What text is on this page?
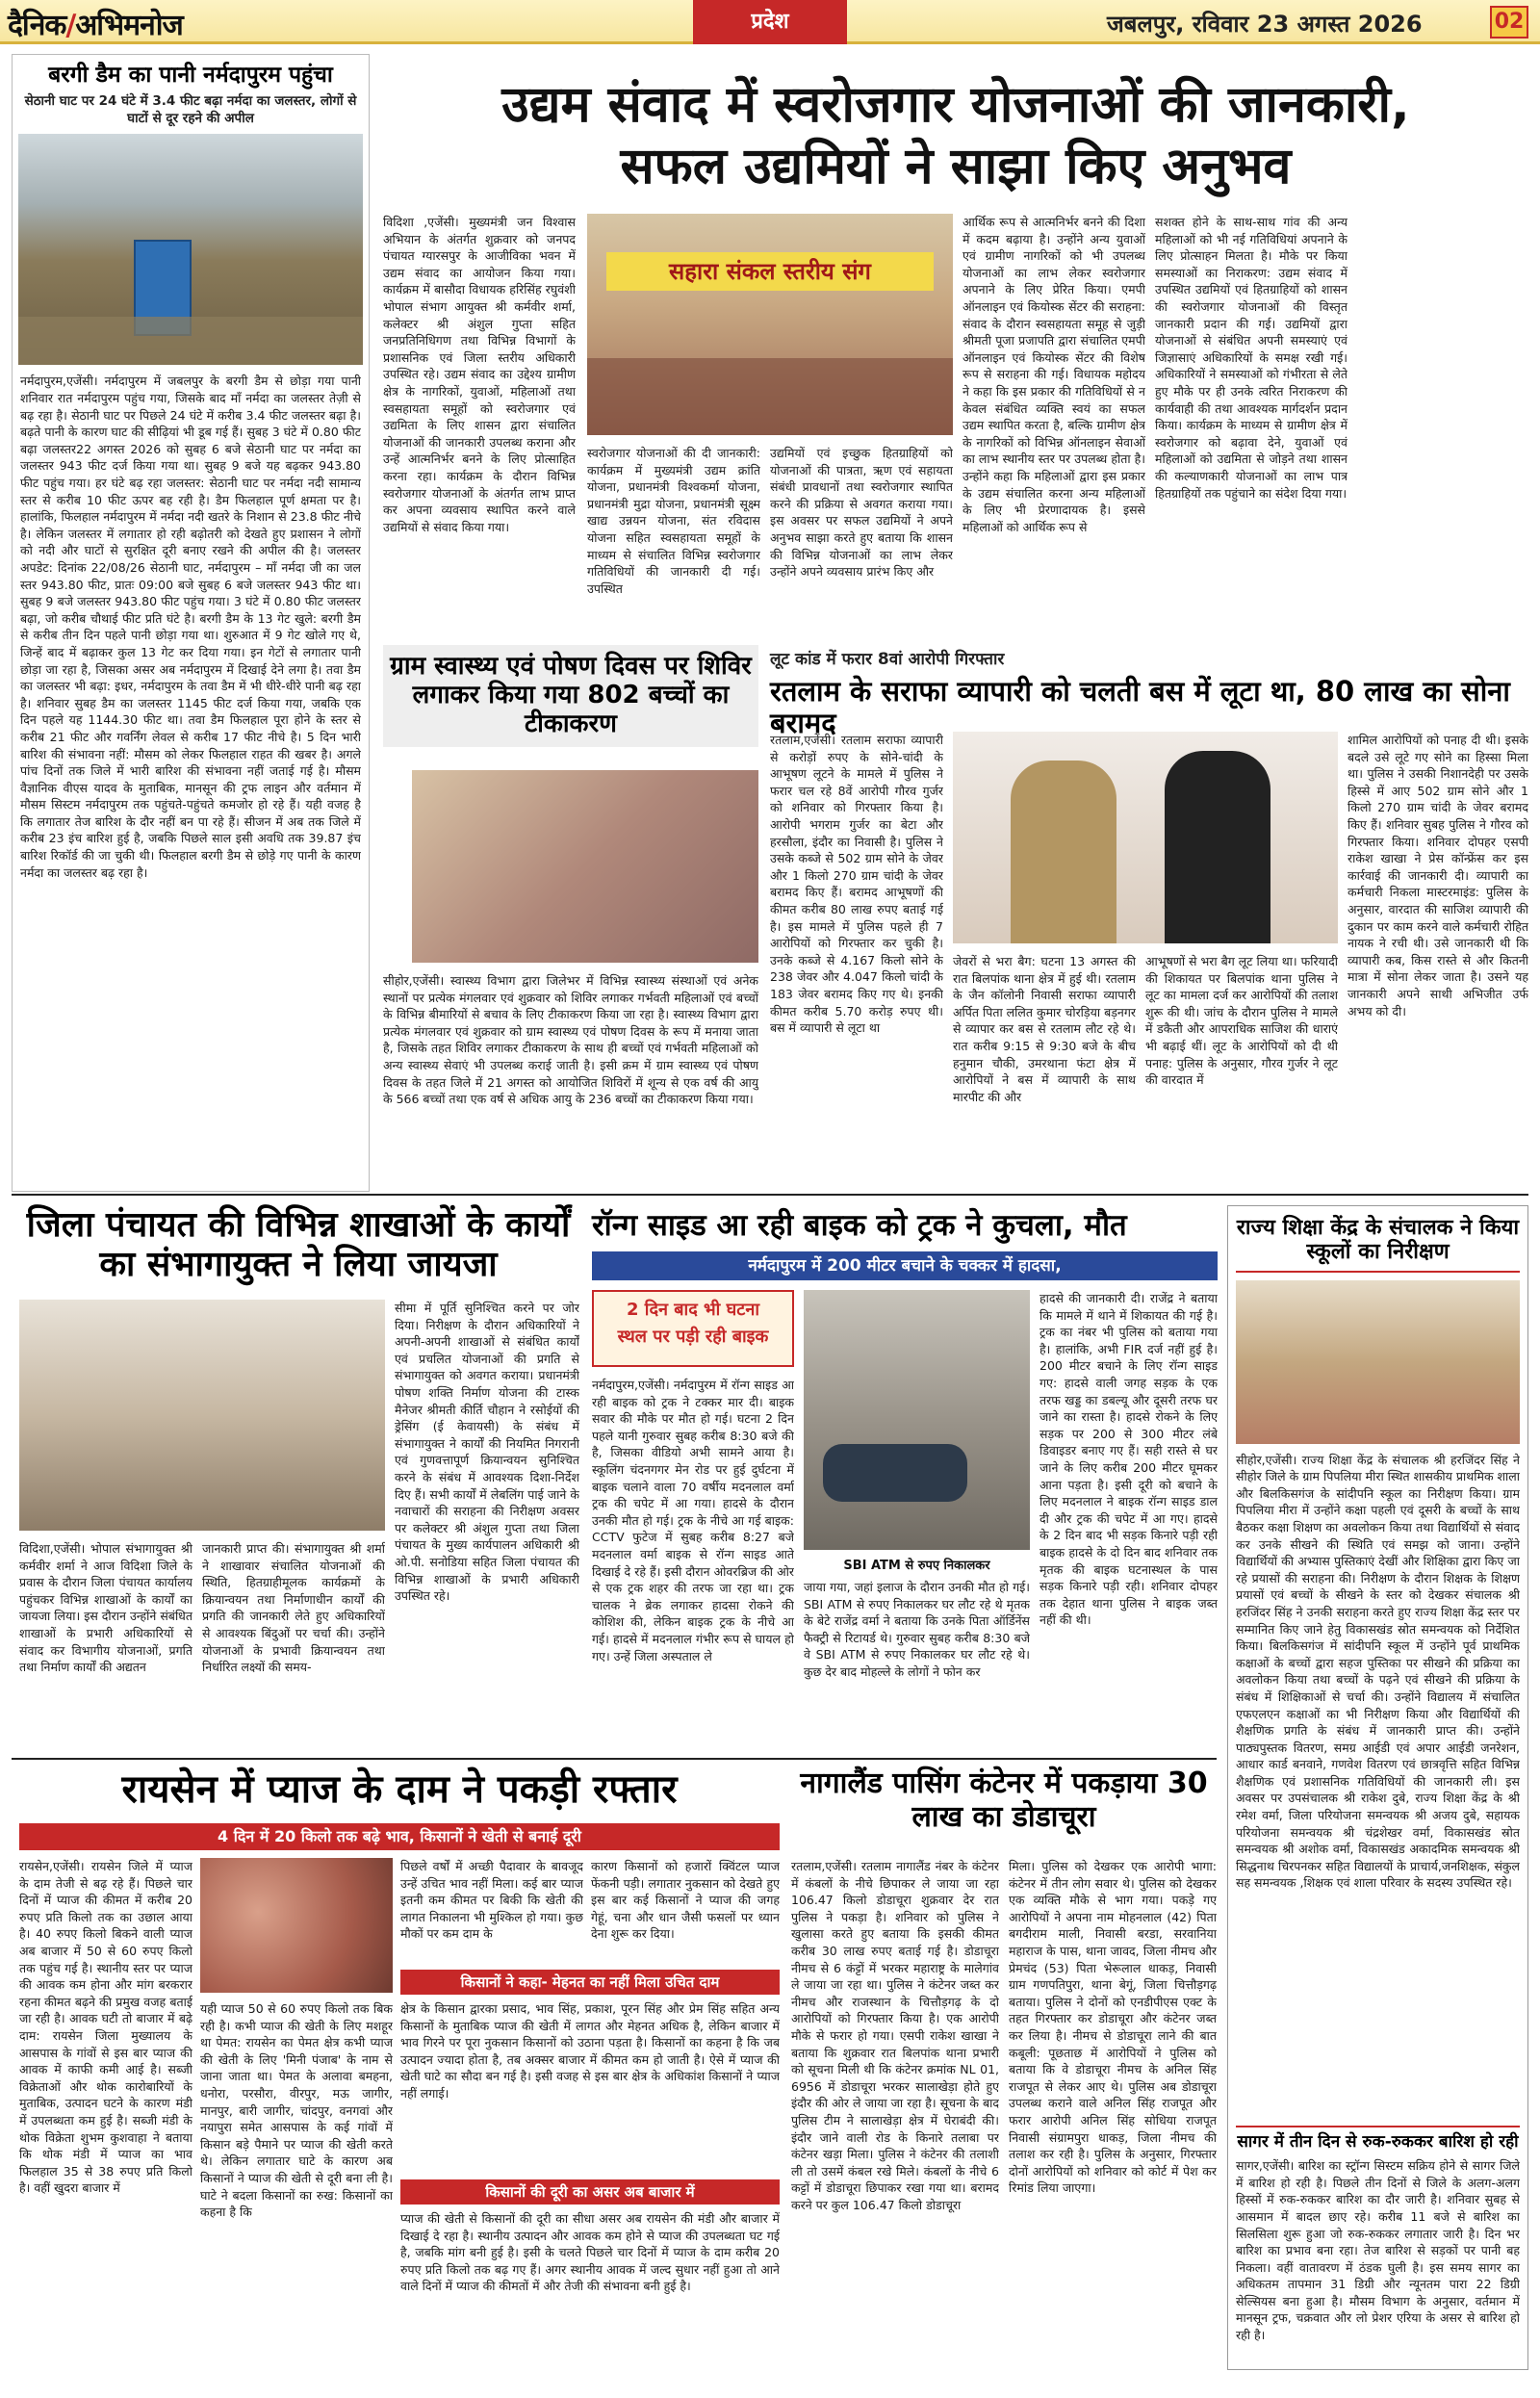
दैनिक/अभिमनोज	प्रदेश	जबलपुर, रविवार 23 अगस्त 2026	02
बरगी डैम का पानी नर्मदापुरम पहुंचा
सेठानी घाट पर 24 घंटे में 3.4 फीट बढ़ा नर्मदा का जलस्तर, लोगों से घाटों से दूर रहने की अपील
नर्मदापुरम,एजेंसी। नर्मदापुरम में जबलपुर के बरगी डैम से छोड़ा गया पानी शनिवार रात नर्मदापुरम पहुंच गया, जिसके बाद माँ नर्मदा का जलस्तर तेज़ी से बढ़ रहा है। सेठानी घाट पर पिछले 24 घंटे में करीब 3.4 फीट जलस्तर बढ़ा है। बढ़ते पानी के कारण घाट की सीढ़ियां भी डूब गई हैं। सुबह 3 घंटे में 0.80 फीट बढ़ा जलस्तर22 अगस्त 2026 को सुबह 6 बजे सेठानी घाट पर नर्मदा का जलस्तर 943 फीट दर्ज किया गया था। सुबह 9 बजे यह बढ़कर 943.80 फीट पहुंच गया। हर घंटे बढ़ रहा जलस्तर: सेठानी घाट पर नर्मदा नदी सामान्य स्तर से करीब 10 फीट ऊपर बह रही है। डैम फिलहाल पूर्ण क्षमता पर है। हालांकि, फिलहाल नर्मदापुरम में नर्मदा नदी खतरे के निशान से 23.8 फीट नीचे है। लेकिन जलस्तर में लगातार हो रही बढ़ोतरी को देखते हुए प्रशासन ने लोगों को नदी और घाटों से सुरक्षित दूरी बनाए रखने की अपील की है। जलस्तर अपडेट: दिनांक 22/08/26 सेठानी घाट, नर्मदापुरम – माँ नर्मदा जी का जल स्तर 943.80 फीट, प्रातः 09:00 बजे सुबह 6 बजे जलस्तर 943 फीट था। सुबह 9 बजे जलस्तर 943.80 फीट पहुंच गया। 3 घंटे में 0.80 फीट जलस्तर बढ़ा, जो करीब चौथाई फीट प्रति घंटे है। बरगी डैम के 13 गेट खुले: बरगी डैम से करीब तीन दिन पहले पानी छोड़ा गया था। शुरुआत में 9 गेट खोले गए थे, जिन्हें बाद में बढ़ाकर कुल 13 गेट कर दिया गया। इन गेटों से लगातार पानी छोड़ा जा रहा है, जिसका असर अब नर्मदापुरम में दिखाई देने लगा है। तवा डैम का जलस्तर भी बढ़ा: इधर, नर्मदापुरम के तवा डैम में भी धीरे-धीरे पानी बढ़ रहा है। शनिवार सुबह डैम का जलस्तर 1145 फीट दर्ज किया गया, जबकि एक दिन पहले यह 1144.30 फीट था। तवा डैम फिलहाल पूरा होने के स्तर से करीब 21 फीट और गवर्निंग लेवल से करीब 17 फीट नीचे है। 5 दिन भारी बारिश की संभावना नहीं: मौसम को लेकर फिलहाल राहत की खबर है। अगले पांच दिनों तक जिले में भारी बारिश की संभावना नहीं जताई गई है। मौसम वैज्ञानिक वीएस यादव के मुताबिक, मानसून की ट्रफ लाइन और वर्तमान में मौसम सिस्टम नर्मदापुरम तक पहुंचते-पहुंचते कमजोर हो रहे हैं। यही वजह है कि लगातार तेज बारिश के दौर नहीं बन पा रहे हैं। सीजन में अब तक जिले में करीब 23 इंच बारिश हुई है, जबकि पिछले साल इसी अवधि तक 39.87 इंच बारिश रिकॉर्ड की जा चुकी थी। फिलहाल बरगी डैम से छोड़े गए पानी के कारण नर्मदा का जलस्तर बढ़ रहा है।
उद्यम संवाद में स्वरोजगार योजनाओं की जानकारी,
सफल उद्यमियों ने साझा किए अनुभव
विदिशा ,एजेंसी। मुख्यमंत्री जन विश्वास अभियान के अंतर्गत शुक्रवार को जनपद पंचायत ग्यारसपुर के आजीविका भवन में उद्यम संवाद का आयोजन किया गया। कार्यक्रम में बासौदा विधायक हरिसिंह रघुवंशी भोपाल संभाग आयुक्त श्री कर्मवीर शर्मा, कलेक्टर श्री अंशुल गुप्ता सहित जनप्रतिनिधिगण तथा विभिन्न विभागों के प्रशासनिक एवं जिला स्तरीय अधिकारी उपस्थित रहे। उद्यम संवाद का उद्देश्य ग्रामीण क्षेत्र के नागरिकों, युवाओं, महिलाओं तथा स्वसहायता समूहों को स्वरोजगार एवं उद्यमिता के लिए शासन द्वारा संचालित योजनाओं की जानकारी उपलब्ध कराना और उन्हें आत्मनिर्भर बनने के लिए प्रोत्साहित करना रहा। कार्यक्रम के दौरान विभिन्न स्वरोजगार योजनाओं के अंतर्गत लाभ प्राप्त कर अपना व्यवसाय स्थापित करने वाले उद्यमियों से संवाद किया गया।
सहारा संकल स्तरीय संग
स्वरोजगार योजनाओं की दी जानकारी: कार्यक्रम में मुख्यमंत्री उद्यम क्रांति योजना, प्रधानमंत्री विश्वकर्मा योजना, प्रधानमंत्री मुद्रा योजना, प्रधानमंत्री सूक्ष्म खाद्य उन्नयन योजना, संत रविदास योजना सहित स्वसहायता समूहों के माध्यम से संचालित विभिन्न स्वरोजगार गतिविधियों की जानकारी दी गई। उपस्थित
उद्यमियों एवं इच्छुक हितग्राहियों को योजनाओं की पात्रता, ऋण एवं सहायता संबंधी प्रावधानों तथा स्वरोजगार स्थापित करने की प्रक्रिया से अवगत कराया गया। इस अवसर पर सफल उद्यमियों ने अपने अनुभव साझा करते हुए बताया कि शासन की विभिन्न योजनाओं का लाभ लेकर उन्होंने अपने व्यवसाय प्रारंभ किए और
आर्थिक रूप से आत्मनिर्भर बनने की दिशा में कदम बढ़ाया है। उन्होंने अन्य युवाओं एवं ग्रामीण नागरिकों को भी उपलब्ध योजनाओं का लाभ लेकर स्वरोजगार अपनाने के लिए प्रेरित किया। एमपी ऑनलाइन एवं कियोस्क सेंटर की सराहना: संवाद के दौरान स्वसहायता समूह से जुड़ी श्रीमती पूजा प्रजापति द्वारा संचालित एमपी ऑनलाइन एवं कियोस्क सेंटर की विशेष रूप से सराहना की गई। विधायक महोदय ने कहा कि इस प्रकार की गतिविधियों से न केवल संबंधित व्यक्ति स्वयं का सफल उद्यम स्थापित करता है, बल्कि ग्रामीण क्षेत्र के नागरिकों को विभिन्न ऑनलाइन सेवाओं का लाभ स्थानीय स्तर पर उपलब्ध होता है। उन्होंने कहा कि महिलाओं द्वारा इस प्रकार के उद्यम संचालित करना अन्य महिलाओं के लिए भी प्रेरणादायक है। इससे महिलाओं को आर्थिक रूप से
सशक्त होने के साथ-साथ गांव की अन्य महिलाओं को भी नई गतिविधियां अपनाने के लिए प्रोत्साहन मिलता है। मौके पर किया समस्याओं का निराकरण: उद्यम संवाद में उपस्थित उद्यमियों एवं हितग्राहियों को शासन की स्वरोजगार योजनाओं की विस्तृत जानकारी प्रदान की गई। उद्यमियों द्वारा योजनाओं से संबंधित अपनी समस्याएं एवं जिज्ञासाएं अधिकारियों के समक्ष रखी गई। अधिकारियों ने समस्याओं को गंभीरता से लेते हुए मौके पर ही उनके त्वरित निराकरण की कार्यवाही की तथा आवश्यक मार्गदर्शन प्रदान किया। कार्यक्रम के माध्यम से ग्रामीण क्षेत्र में स्वरोजगार को बढ़ावा देने, युवाओं एवं महिलाओं को उद्यमिता से जोड़ने तथा शासन की कल्याणकारी योजनाओं का लाभ पात्र हितग्राहियों तक पहुंचाने का संदेश दिया गया।
ग्राम स्वास्थ्य एवं पोषण दिवस पर शिविर लगाकर किया गया 802 बच्चों का टीकाकरण
सीहोर,एजेंसी। स्वास्थ्य विभाग द्वारा जिलेभर में विभिन्न स्वास्थ्य संस्थाओं एवं अनेक स्थानों पर प्रत्येक मंगलवार एवं शुक्रवार को शिविर लगाकर गर्भवती महिलाओं एवं बच्चों के विभिन्न बीमारियों से बचाव के लिए टीकाकरण किया जा रहा है। स्वास्थ्य विभाग द्वारा प्रत्येक मंगलवार एवं शुक्रवार को ग्राम स्वास्थ्य एवं पोषण दिवस के रूप में मनाया जाता है, जिसके तहत शिविर लगाकर टीकाकरण के साथ ही बच्चों एवं गर्भवती महिलाओं को अन्य स्वास्थ्य सेवाएं भी उपलब्ध कराई जाती है। इसी क्रम में ग्राम स्वास्थ्य एवं पोषण दिवस के तहत जिले में 21 अगस्त को आयोजित शिविरों में शून्य से एक वर्ष की आयु के 566 बच्चों तथा एक वर्ष से अधिक आयु के 236 बच्चों का टीकाकरण किया गया।
लूट कांड में फरार 8वां आरोपी गिरफ्तार
रतलाम के सराफा व्यापारी को चलती बस में लूटा था, 80 लाख का सोना बरामद
रतलाम,एजेंसी। रतलाम सराफा व्यापारी से करोड़ों रुपए के सोने-चांदी के आभूषण लूटने के मामले में पुलिस ने फरार चल रहे 8वें आरोपी गौरव गुर्जर को शनिवार को गिरफ्तार किया है। आरोपी भगराम गुर्जर का बेटा और हरसौला, इंदौर का निवासी है। पुलिस ने उसके कब्जे से 502 ग्राम सोने के जेवर और 1 किलो 270 ग्राम चांदी के जेवर बरामद किए हैं। बरामद आभूषणों की कीमत करीब 80 लाख रुपए बताई गई है। इस मामले में पुलिस पहले ही 7 आरोपियों को गिरफ्तार कर चुकी है। उनके कब्जे से 4.167 किलो सोने के 238 जेवर और 4.047 किलो चांदी के 183 जेवर बरामद किए गए थे। इनकी कीमत करीब 5.70 करोड़ रुपए थी। बस में व्यापारी से लूटा था
जेवरों से भरा बैग: घटना 13 अगस्त की रात बिलपांक थाना क्षेत्र में हुई थी। रतलाम के जैन कॉलोनी निवासी सराफा व्यापारी अर्पित पिता ललित कुमार चोरड़िया बड़नगर से व्यापार कर बस से रतलाम लौट रहे थे। रात करीब 9:15 से 9:30 बजे के बीच हनुमान चौकी, उमरथाना फंटा क्षेत्र में आरोपियों ने बस में व्यापारी के साथ मारपीट की और
आभूषणों से भरा बैग लूट लिया था। फरियादी की शिकायत पर बिलपांक थाना पुलिस ने लूट का मामला दर्ज कर आरोपियों की तलाश शुरू की थी। जांच के दौरान पुलिस ने मामले में डकैती और आपराधिक साजिश की धाराएं भी बढ़ाई थीं। लूट के आरोपियों को दी थी पनाह: पुलिस के अनुसार, गौरव गुर्जर ने लूट की वारदात में
शामिल आरोपियों को पनाह दी थी। इसके बदले उसे लूटे गए सोने का हिस्सा मिला था। पुलिस ने उसकी निशानदेही पर उसके हिस्से में आए 502 ग्राम सोने और 1 किलो 270 ग्राम चांदी के जेवर बरामद किए हैं। शनिवार सुबह पुलिस ने गौरव को गिरफ्तार किया। शनिवार दोपहर एसपी राकेश खाखा ने प्रेस कॉन्फ्रेंस कर इस कार्रवाई की जानकारी दी। व्यापारी का कर्मचारी निकला मास्टरमाइंड: पुलिस के अनुसार, वारदात की साजिश व्यापारी की दुकान पर काम करने वाले कर्मचारी रोहित नायक ने रची थी। उसे जानकारी थी कि व्यापारी कब, किस रास्ते से और कितनी मात्रा में सोना लेकर जाता है। उसने यह जानकारी अपने साथी अभिजीत उर्फ अभय को दी।
जिला पंचायत की विभिन्न शाखाओं के कार्यों का संभागायुक्त ने लिया जायजा
विदिशा,एजेंसी। भोपाल संभागायुक्त श्री कर्मवीर शर्मा ने आज विदिशा जिले के प्रवास के दौरान जिला पंचायत कार्यालय पहुंचकर विभिन्न शाखाओं के कार्यों का जायजा लिया। इस दौरान उन्होंने संबंधित शाखाओं के प्रभारी अधिकारियों से संवाद कर विभागीय योजनाओं, प्रगति तथा निर्माण कार्यों की अद्यतन
जानकारी प्राप्त की। संभागायुक्त श्री शर्मा ने शाखावार संचालित योजनाओं की स्थिति, हितग्राहीमूलक कार्यक्रमों के क्रियान्वयन तथा निर्माणाधीन कार्यों की प्रगति की जानकारी लेते हुए अधिकारियों से आवश्यक बिंदुओं पर चर्चा की। उन्होंने योजनाओं के प्रभावी क्रियान्वयन तथा निर्धारित लक्ष्यों की समय-
सीमा में पूर्ति सुनिश्चित करने पर जोर दिया। निरीक्षण के दौरान अधिकारियों ने अपनी-अपनी शाखाओं से संबंधित कार्यों एवं प्रचलित योजनाओं की प्रगति से संभागायुक्त को अवगत कराया। प्रधानमंत्री पोषण शक्ति निर्माण योजना की टास्क मैनेजर श्रीमती कीर्ति चौहान ने रसोईयों की ड्रेसिंग (ई केवायसी) के संबंध में संभागायुक्त ने कार्यों की नियमित निगरानी एवं गुणवत्तापूर्ण क्रियान्वयन सुनिश्चित करने के संबंध में आवश्यक दिशा-निर्देश दिए हैं। सभी कार्यों में लेबलिंग पाई जाने के नवाचारों की सराहना की निरीक्षण अवसर पर कलेक्टर श्री अंशुल गुप्ता तथा जिला पंचायत के मुख्य कार्यपालन अधिकारी श्री ओ.पी. सनोडिया सहित जिला पंचायत की विभिन्न शाखाओं के प्रभारी अधिकारी उपस्थित रहे।
रॉन्ग साइड आ रही बाइक को ट्रक ने कुचला, मौत
नर्मदापुरम में 200 मीटर बचाने के चक्कर में हादसा,
2 दिन बाद भी घटना
स्थल पर पड़ी रही बाइक
नर्मदापुरम,एजेंसी। नर्मदापुरम में रॉन्ग साइड आ रही बाइक को ट्रक ने टक्कर मार दी। बाइक सवार की मौके पर मौत हो गई। घटना 2 दिन पहले यानी गुरुवार सुबह करीब 8:30 बजे की है, जिसका वीडियो अभी सामने आया है। स्कूलिंग चंदनगगर मेन रोड पर हुई दुर्घटना में बाइक चलाने वाला 70 वर्षीय मदनलाल वर्मा ट्रक की चपेट में आ गया। हादसे के दौरान उनकी मौत हो गई। ट्रक के नीचे आ गई बाइक: CCTV फुटेज में सुबह करीब 8:27 बजे मदनलाल वर्मा बाइक से रॉन्ग साइड आते दिखाई दे रहे हैं। इसी दौरान ओवरब्रिज की ओर से एक ट्रक शहर की तरफ जा रहा था। ट्रक चालक ने ब्रेक लगाकर हादसा रोकने की कोशिश की, लेकिन बाइक ट्रक के नीचे आ गई। हादसे में मदनलाल गंभीर रूप से घायल हो गए। उन्हें जिला अस्पताल ले
SBI ATM से रुपए निकालकर
जाया गया, जहां इलाज के दौरान उनकी मौत हो गई। SBI ATM से रुपए निकालकर घर लौट रहे थे मृतक के बेटे राजेंद्र वर्मा ने बताया कि उनके पिता ऑर्डिनेंस फैक्ट्री से रिटायर्ड थे। गुरुवार सुबह करीब 8:30 बजे वे SBI ATM से रुपए निकालकर घर लौट रहे थे। कुछ देर बाद मोहल्ले के लोगों ने फोन कर
हादसे की जानकारी दी। राजेंद्र ने बताया कि मामले में थाने में शिकायत की गई है। ट्रक का नंबर भी पुलिस को बताया गया है। हालांकि, अभी FIR दर्ज नहीं हुई है। 200 मीटर बचाने के लिए रॉन्ग साइड गए: हादसे वाली जगह सड़क के एक तरफ खड्ड का डबल्यू और दूसरी तरफ घर जाने का रास्ता है। हादसे रोकने के लिए सड़क पर 200 से 300 मीटर लंबे डिवाइडर बनाए गए हैं। सही रास्ते से घर जाने के लिए करीब 200 मीटर घूमकर आना पड़ता है। इसी दूरी को बचाने के लिए मदनलाल ने बाइक रॉन्ग साइड डाल दी और ट्रक की चपेट में आ गए। हादसे के 2 दिन बाद भी सड़क किनारे पड़ी रही बाइक हादसे के दो दिन बाद शनिवार तक मृतक की बाइक घटनास्थल के पास सड़क किनारे पड़ी रही। शनिवार दोपहर तक देहात थाना पुलिस ने बाइक जब्त नहीं की थी।
राज्य शिक्षा केंद्र के संचालक ने किया स्कूलों का निरीक्षण
सीहोर,एजेंसी। राज्य शिक्षा केंद्र के संचालक श्री हरजिंदर सिंह ने सीहोर जिले के ग्राम पिपलिया मीरा स्थित शासकीय प्राथमिक शाला और बिलकिसगंज के सांदीपनि स्कूल का निरीक्षण किया। ग्राम पिपलिया मीरा में उन्होंने कक्षा पहली एवं दूसरी के बच्चों के साथ बैठकर कक्षा शिक्षण का अवलोकन किया तथा विद्यार्थियों से संवाद कर उनके सीखने की स्थिति एवं समझ को जाना। उन्होंने विद्यार्थियों की अभ्यास पुस्तिकाएं देखीं और शिक्षिका द्वारा किए जा रहे प्रयासों की सराहना की। निरीक्षण के दौरान शिक्षक के शिक्षण प्रयासों एवं बच्चों के सीखने के स्तर को देखकर संचालक श्री हरजिंदर सिंह ने उनकी सराहना करते हुए राज्य शिक्षा केंद्र स्तर पर सम्मानित किए जाने हेतु विकासखंड स्रोत समन्वयक को निर्देशित किया। बिलकिसगंज में सांदीपनि स्कूल में उन्होंने पूर्व प्राथमिक कक्षाओं के बच्चों द्वारा सहज पुस्तिका पर सीखने की प्रक्रिया का अवलोकन किया तथा बच्चों के पढ़ने एवं सीखने की प्रक्रिया के संबंध में शिक्षिकाओं से चर्चा की। उन्होंने विद्यालय में संचालित एफएलएन कक्षाओं का भी निरीक्षण किया और विद्यार्थियों की शैक्षणिक प्रगति के संबंध में जानकारी प्राप्त की। उन्होंने पाठ्यपुस्तक वितरण, समग्र आईडी एवं अपार आईडी जनरेशन, आधार कार्ड बनवाने, गणवेश वितरण एवं छात्रवृत्ति सहित विभिन्न शैक्षणिक एवं प्रशासनिक गतिविधियों की जानकारी ली। इस अवसर पर उपसंचालक श्री राकेश दुबे, राज्य शिक्षा केंद्र के श्री रमेश वर्मा, जिला परियोजना समन्वयक श्री अजय दुबे, सहायक परियोजना समन्वयक श्री चंद्रशेखर वर्मा, विकासखंड स्रोत समन्वयक श्री अशोक वर्मा, विकासखंड अकादमिक समन्वयक श्री सिद्धनाथ चिरपनकर सहित विद्यालयों के प्राचार्य,जनशिक्षक, संकुल सह समन्वयक ,शिक्षक एवं शाला परिवार के सदस्य उपस्थित रहे।
सागर में तीन दिन से रुक-रुककर बारिश हो रही
सागर,एजेंसी। बारिश का स्ट्रॉन्ग सिस्टम सक्रिय होने से सागर जिले में बारिश हो रही है। पिछले तीन दिनों से जिले के अलग-अलग हिस्सों में रुक-रुककर बारिश का दौर जारी है। शनिवार सुबह से आसमान में बादल छाए रहे। करीब 11 बजे से बारिश का सिलसिला शुरू हुआ जो रुक-रुककर लगातार जारी है। दिन भर बारिश का प्रभाव बना रहा। तेज बारिश से सड़कों पर पानी बह निकला। वहीं वातावरण में ठंडक घुली है। इस समय सागर का अधिकतम तापमान 31 डिग्री और न्यूनतम पारा 22 डिग्री सेल्सियस बना हुआ है। मौसम विभाग के अनुसार, वर्तमान में मानसून ट्रफ, चक्रवात और लो प्रेशर एरिया के असर से बारिश हो रही है।
रायसेन में प्याज के दाम ने पकड़ी रफ्तार
4 दिन में 20 किलो तक बढ़े भाव, किसानों ने खेती से बनाई दूरी
रायसेन,एजेंसी। रायसेन जिले में प्याज के दाम तेजी से बढ़ रहे हैं। पिछले चार दिनों में प्याज की कीमत में करीब 20 रुपए प्रति किलो तक का उछाल आया है। 40 रुपए किलो बिकने वाली प्याज अब बाजार में 50 से 60 रुपए किलो तक पहुंच गई है। स्थानीय स्तर पर प्याज की आवक कम होना और मांग बरकरार रहना कीमत बढ़ने की प्रमुख वजह बताई जा रही है। आवक घटी तो बाजार में बढ़े दाम: रायसेन जिला मुख्यालय के आसपास के गांवों से इस बार प्याज की आवक में काफी कमी आई है। सब्जी विक्रेताओं और थोक कारोबारियों के मुताबिक, उत्पादन घटने के कारण मंडी में उपलब्धता कम हुई है। सब्जी मंडी के थोक विक्रेता शुभम कुशवाहा ने बताया कि थोक मंडी में प्याज का भाव फिलहाल 35 से 38 रुपए प्रति किलो है। वहीं खुदरा बाजार में
यही प्याज 50 से 60 रुपए किलो तक बिक रही है। कभी प्याज की खेती के लिए मशहूर था पेमत: रायसेन का पेमत क्षेत्र कभी प्याज की खेती के लिए 'मिनी पंजाब' के नाम से जाना जाता था। पेमत के अलावा बमहना, धनोरा, परसौरा, वीरपुर, मऊ जागीर, मानपुर, बारी जागीर, चांदपुर, वनगवां और नयापुरा समेत आसपास के कई गांवों में किसान बड़े पैमाने पर प्याज की खेती करते थे। लेकिन लगातार घाटे के कारण अब किसानों ने प्याज की खेती से दूरी बना ली है। घाटे ने बदला किसानों का रुख: किसानों का कहना है कि
पिछले वर्षों में अच्छी पैदावार के बावजूद उन्हें उचित भाव नहीं मिला। कई बार प्याज इतनी कम कीमत पर बिकी कि खेती की लागत निकालना भी मुश्किल हो गया। कुछ मौकों पर कम दाम के
कारण किसानों को हजारों क्विंटल प्याज फेंकनी पड़ी। लगातार नुकसान को देखते हुए इस बार कई किसानों ने प्याज की जगह गेहूं, चना और धान जैसी फसलों पर ध्यान देना शुरू कर दिया।
किसानों ने कहा- मेहनत का नहीं मिला उचित दाम
क्षेत्र के किसान द्वारका प्रसाद, भाव सिंह, प्रकाश, पूरन सिंह और प्रेम सिंह सहित अन्य किसानों के मुताबिक प्याज की खेती में लागत और मेहनत अधिक है, लेकिन बाजार में भाव गिरने पर पूरा नुकसान किसानों को उठाना पड़ता है। किसानों का कहना है कि जब उत्पादन ज्यादा होता है, तब अक्सर बाजार में कीमत कम हो जाती है। ऐसे में प्याज की खेती घाटे का सौदा बन गई है। इसी वजह से इस बार क्षेत्र के अधिकांश किसानों ने प्याज नहीं लगाई।
किसानों की दूरी का असर अब बाजार में
प्याज की खेती से किसानों की दूरी का सीधा असर अब रायसेन की मंडी और बाजार में दिखाई दे रहा है। स्थानीय उत्पादन और आवक कम होने से प्याज की उपलब्धता घट गई है, जबकि मांग बनी हुई है। इसी के चलते पिछले चार दिनों में प्याज के दाम करीब 20 रुपए प्रति किलो तक बढ़ गए हैं। अगर स्थानीय आवक में जल्द सुधार नहीं हुआ तो आने वाले दिनों में प्याज की कीमतों में और तेजी की संभावना बनी हुई है।
नागालैंड पासिंग कंटेनर में पकड़ाया 30 लाख का डोडाचूरा
रतलाम,एजेंसी। रतलाम नागालैंड नंबर के कंटेनर में कंबलों के नीचे छिपाकर ले जाया जा रहा 106.47 किलो डोडाचूरा शुक्रवार देर रात पुलिस ने पकड़ा है। शनिवार को पुलिस ने खुलासा करते हुए बताया कि इसकी कीमत करीब 30 लाख रुपए बताई गई है। डोडाचूरा नीमच से 6 कंट्टों में भरकर महाराष्ट्र के मालेगांव ले जाया जा रहा था। पुलिस ने कंटेनर जब्त कर नीमच और राजस्थान के चित्तौड़गढ़ के दो आरोपियों को गिरफ्तार किया है। एक आरोपी मौके से फरार हो गया। एसपी राकेश खाखा ने बताया कि शुक्रवार रात बिलपांक थाना प्रभारी को सूचना मिली थी कि कंटेनर क्रमांक NL 01, 6956 में डोडाचूरा भरकर सालाखेड़ा होते हुए इंदौर की ओर ले जाया जा रहा है। सूचना के बाद पुलिस टीम ने सालाखेड़ा क्षेत्र में घेराबंदी की। इंदौर जाने वाली रोड के किनारे तलाबा पर कंटेनर खड़ा मिला। पुलिस ने कंटेनर की तलाशी ली तो उसमें कंबल रखे मिले। कंबलों के नीचे 6 कट्टों में डोडाचूरा छिपाकर रखा गया था। बरामद करने पर कुल 106.47 किलो डोडाचूरा
मिला। पुलिस को देखकर एक आरोपी भागा: कंटेनर में तीन लोग सवार थे। पुलिस को देखकर एक व्यक्ति मौके से भाग गया। पकड़े गए आरोपियों ने अपना नाम मोहनलाल (42) पिता बगदीराम माली, निवासी बरडा, सरवानिया महाराज के पास, थाना जावद, जिला नीमच और प्रेमचंद (53) पिता भेरूलाल धाकड़, निवासी ग्राम गणपतिपुरा, थाना बेगूं, जिला चित्तौड़गढ़ बताया। पुलिस ने दोनों को एनडीपीएस एक्ट के तहत गिरफ्तार कर डोडाचूरा और कंटेनर जब्त कर लिया है। नीमच से डोडाचूरा लाने की बात कबूली: पूछताछ में आरोपियों ने पुलिस को बताया कि वे डोडाचूरा नीमच के अनिल सिंह राजपूत से लेकर आए थे। पुलिस अब डोडाचूरा उपलब्ध कराने वाले अनिल सिंह राजपूत और फरार आरोपी अनिल सिंह सोधिया राजपूत निवासी संग्रामपुरा धाकड़, जिला नीमच की तलाश कर रही है। पुलिस के अनुसार, गिरफ्तार दोनों आरोपियों को शनिवार को कोर्ट में पेश कर रिमांड लिया जाएगा।
